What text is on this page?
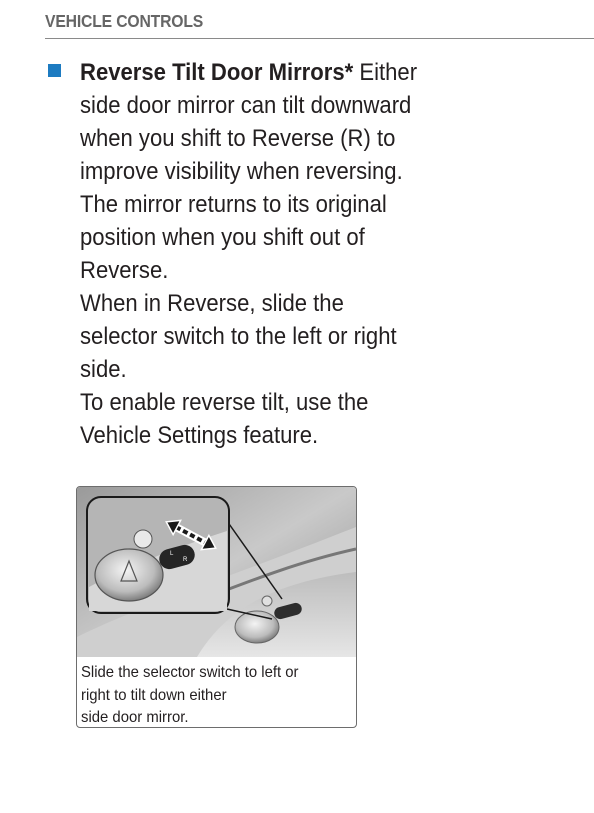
VEHICLE CONTROLS
Reverse Tilt Door Mirrors* Either
side door mirror can tilt downward
when you shift to Reverse (R) to
improve visibility when reversing.
The mirror returns to its original
position when you shift out of
Reverse.
When in Reverse, slide the
selector switch to the left or right
side.
To enable reverse tilt, use the
Vehicle Settings feature.
L
R
Slide the selector switch to left or
right to tilt down either
side door mirror.
